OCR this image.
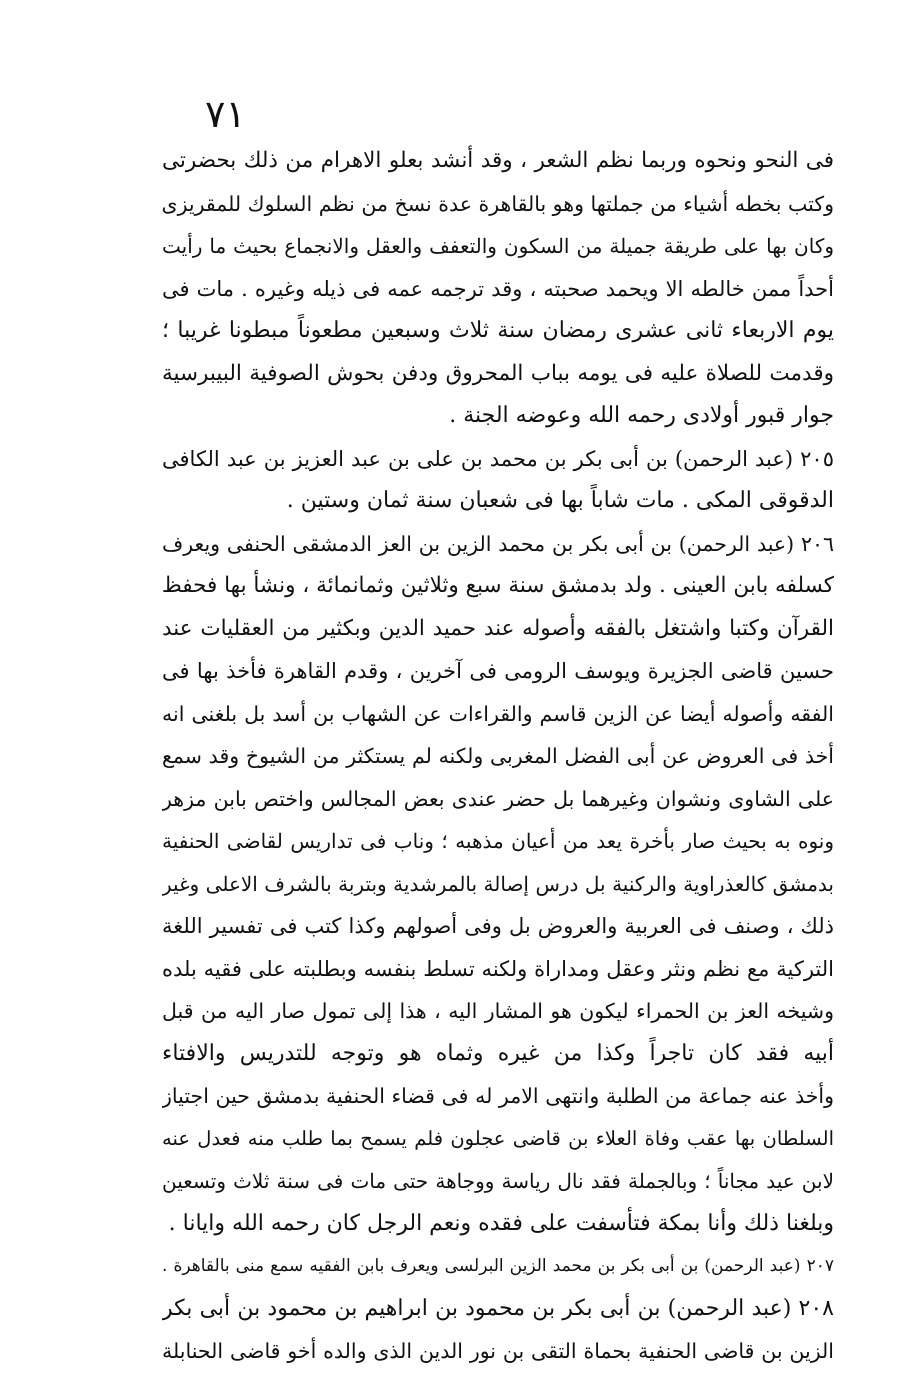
٧١
فى النحو ونحوه وربما نظم الشعر ، وقد أنشد بعلو الاهرام من ذلك بحضرتى
وكتب بخطه أشياء من جملتها وهو بالقاهرة عدة نسخ من نظم السلوك للمقريزى
وكان بها على طريقة جميلة من السكون والتعفف والعقل والانجماع بحيث ما رأيت
أحداً ممن خالطه الا ويحمد صحبته ، وقد ترجمه عمه فى ذيله وغيره . مات فى
يوم الاربعاء ثانى عشرى رمضان سنة ثلاث وسبعين مطعوناً مبطونا غريبا ؛
وقدمت للصلاة عليه فى يومه بباب المحروق ودفن بحوش الصوفية البيبرسية
جوار قبور أولادى رحمه الله وعوضه الجنة .
٢٠٥ (عبد الرحمن) بن أبى بكر بن محمد بن على بن عبد العزيز بن عبد الكافى
الدقوقى المكى . مات شاباً بها فى شعبان سنة ثمان وستين .
٢٠٦ (عبد الرحمن) بن أبى بكر بن محمد الزين بن العز الدمشقى الحنفى ويعرف
كسلفه بابن العينى . ولد بدمشق سنة سبع وثلاثين وثمانمائة ، ونشأ بها فحفظ
القرآن وكتبا واشتغل بالفقه وأصوله عند حميد الدين وبكثير من العقليات عند
حسين قاضى الجزيرة ويوسف الرومى فى آخرين ، وقدم القاهرة فأخذ بها فى
الفقه وأصوله أيضا عن الزين قاسم والقراءات عن الشهاب بن أسد بل بلغنى انه
أخذ فى العروض عن أبى الفضل المغربى ولكنه لم يستكثر من الشيوخ وقد سمع
على الشاوى ونشوان وغيرهما بل حضر عندى بعض المجالس واختص بابن مزهر
ونوه به بحيث صار بأخرة يعد من أعيان مذهبه ؛ وناب فى تداريس لقاضى الحنفية
بدمشق كالعذراوية والركنية بل درس إصالة بالمرشدية وبتربة بالشرف الاعلى وغير
ذلك ، وصنف فى العربية والعروض بل وفى أصولهم وكذا كتب فى تفسير اللغة
التركية مع نظم ونثر وعقل ومداراة ولكنه تسلط بنفسه وبطلبته على فقيه بلده
وشيخه العز بن الحمراء ليكون هو المشار اليه ، هذا إلى تمول صار اليه من قبل
أبيه فقد كان تاجراً وكذا من غيره وثماه هو وتوجه للتدريس والافتاء
وأخذ عنه جماعة من الطلبة وانتهى الامر له فى قضاء الحنفية بدمشق حين اجتياز
السلطان بها عقب وفاة العلاء بن قاضى عجلون فلم يسمح بما طلب منه فعدل عنه
لابن عيد مجاناً ؛ وبالجملة فقد نال رياسة ووجاهة حتى مات فى سنة ثلاث وتسعين
وبلغنا ذلك وأنا بمكة فتأسفت على فقده ونعم الرجل كان رحمه الله وايانا .
٢٠٧ (عبد الرحمن) بن أبى بكر بن محمد الزين البرلسى ويعرف بابن الفقيه سمع منى بالقاهرة .
٢٠٨ (عبد الرحمن) بن أبى بكر بن محمود بن ابراهيم بن محمود بن أبى بكر
الزين بن قاضى الحنفية بحماة التقى بن نور الدين الذى والده أخو قاضى الحنابلة
